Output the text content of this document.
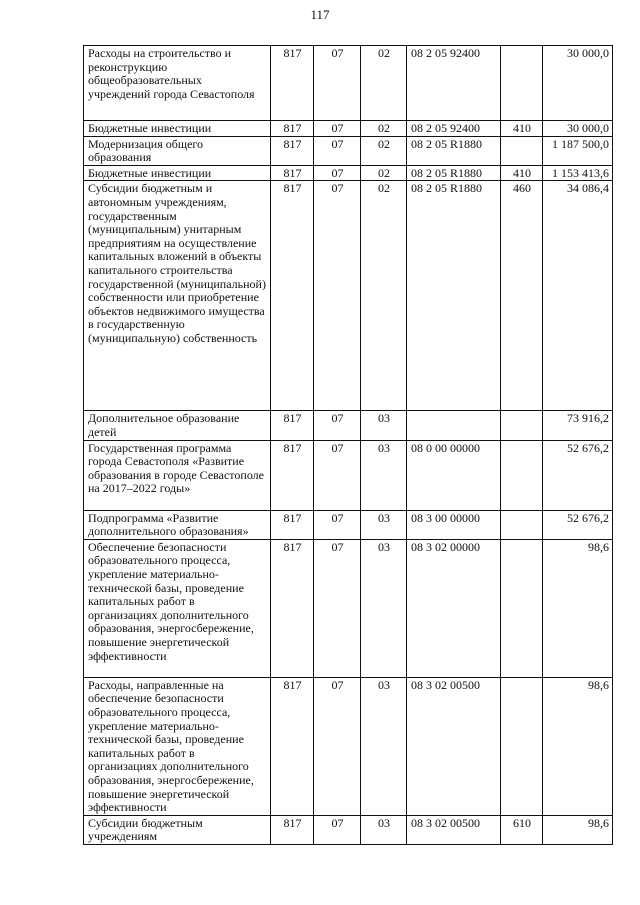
117
Расходы на строительство и реконструкцию общеобразовательных учреждений города Севастополя	817	07	02	08 2 05 92400		30 000,0
Бюджетные инвестиции	817	07	02	08 2 05 92400	410	30 000,0
Модернизация общего образования	817	07	02	08 2 05 R1880		1 187 500,0
Бюджетные инвестиции	817	07	02	08 2 05 R1880	410	1 153 413,6
Субсидии бюджетным и автономным учреждениям, государственным (муниципальным) унитарным предприятиям на осуществление капитальных вложений в объекты капитального строительства государственной (муниципальной) собственности или приобретение объектов недвижимого имущества в государственную (муниципальную) собственность	817	07	02	08 2 05 R1880	460	34 086,4
Дополнительное образование детей	817	07	03			73 916,2
Государственная программа города Севастополя «Развитие образования в городе Севастополе на 2017–2022 годы»	817	07	03	08 0 00 00000		52 676,2
Подпрограмма «Развитие дополнительного образования»	817	07	03	08 3 00 00000		52 676,2
Обеспечение безопасности образовательного процесса, укрепление материально-технической базы, проведение капитальных работ в организациях дополнительного образования, энергосбережение, повышение энергетической эффективности	817	07	03	08 3 02 00000		98,6
Расходы, направленные на обеспечение безопасности образовательного процесса, укрепление материально-технической базы, проведение капитальных работ в организациях дополнительного образования, энергосбережение, повышение энергетической эффективности	817	07	03	08 3 02 00500		98,6
Субсидии бюджетным учреждениям	817	07	03	08 3 02 00500	610	98,6
